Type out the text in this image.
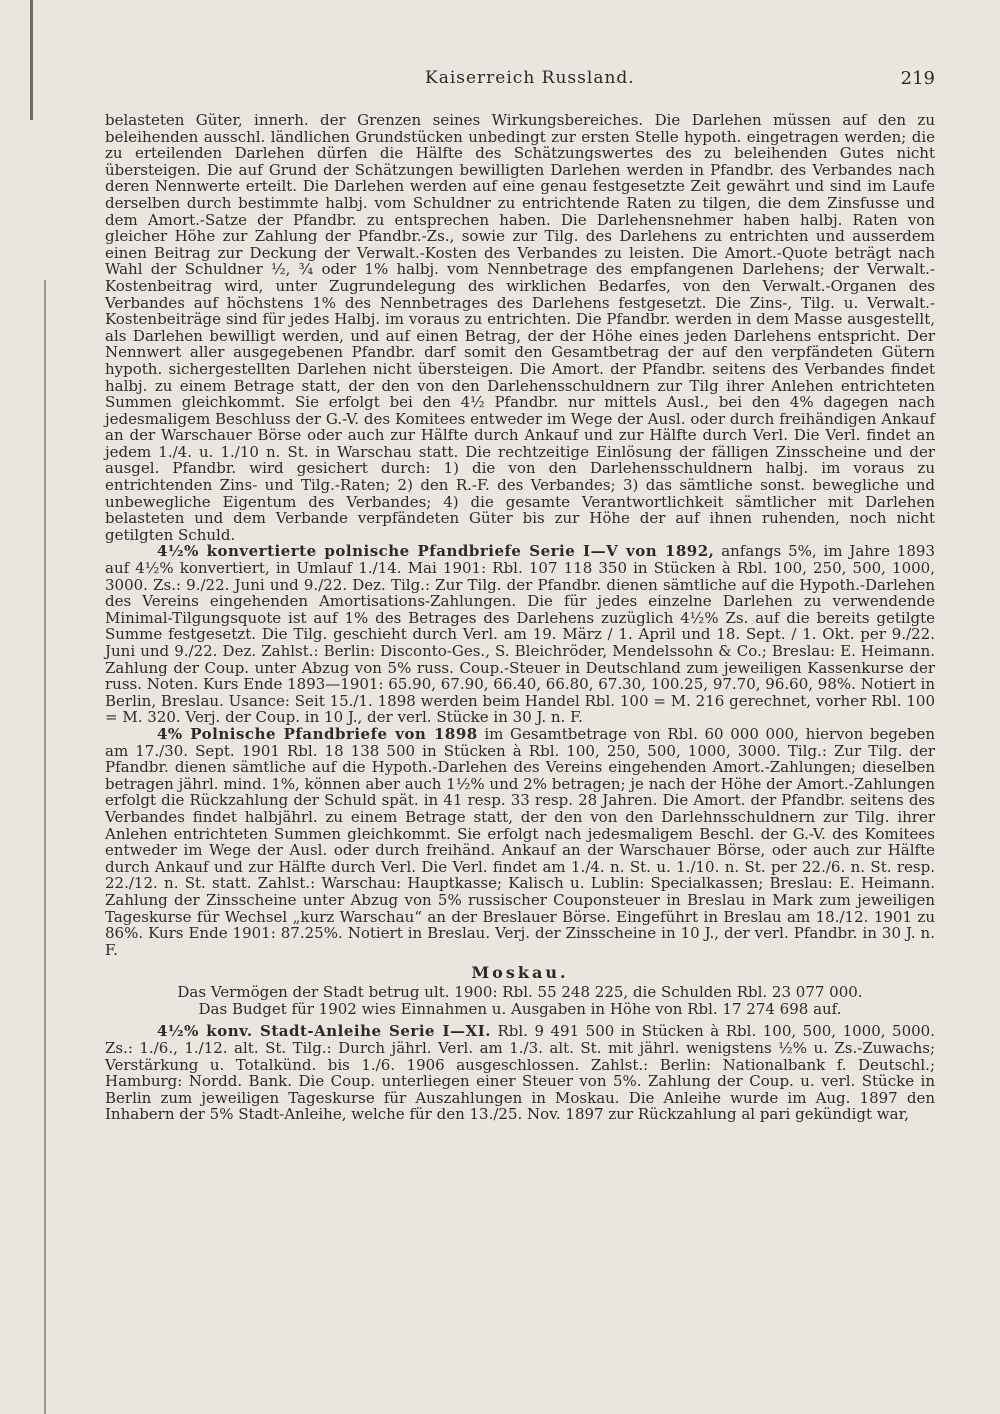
Kaiserreich Russland.	219

belasteten Güter, innerh. der Grenzen seines Wirkungsbereiches. Die Darlehen müssen auf den zu beleihenden ausschl. ländlichen Grundstücken unbedingt zur ersten Stelle hypoth. eingetragen werden; die zu erteilenden Darlehen dürfen die Hälfte des Schätzungswertes des zu beleihenden Gutes nicht übersteigen. Die auf Grund der Schätzungen bewilligten Darlehen werden in Pfandbr. des Verbandes nach deren Nennwerte erteilt. Die Darlehen werden auf eine genau festgesetzte Zeit gewährt und sind im Laufe derselben durch bestimmte halbj. vom Schuldner zu entrichtende Raten zu tilgen, die dem Zinsfusse und dem Amort.-Satze der Pfandbr. zu entsprechen haben. Die Darlehensnehmer haben halbj. Raten von gleicher Höhe zur Zahlung der Pfandbr.-Zs., sowie zur Tilg. des Darlehens zu entrichten und ausserdem einen Beitrag zur Deckung der Verwalt.-Kosten des Verbandes zu leisten. Die Amort.-Quote beträgt nach Wahl der Schuldner ½, ¾ oder 1% halbj. vom Nennbetrage des empfangenen Darlehens; der Verwalt.-Kostenbeitrag wird, unter Zugrundelegung des wirklichen Bedarfes, von den Verwalt.-Organen des Verbandes auf höchstens 1% des Nennbetrages des Darlehens festgesetzt. Die Zins-, Tilg. u. Verwalt.-Kostenbeiträge sind für jedes Halbj. im voraus zu entrichten. Die Pfandbr. werden in dem Masse ausgestellt, als Darlehen bewilligt werden, und auf einen Betrag, der der Höhe eines jeden Darlehens entspricht. Der Nennwert aller ausgegebenen Pfandbr. darf somit den Gesamtbetrag der auf den verpfändeten Gütern hypoth. sichergestellten Darlehen nicht übersteigen. Die Amort. der Pfandbr. seitens des Verbandes findet halbj. zu einem Betrage statt, der den von den Darlehensschuldnern zur Tilg ihrer Anlehen entrichteten Summen gleichkommt. Sie erfolgt bei den 4½ Pfandbr. nur mittels Ausl., bei den 4% dagegen nach jedesmaligem Beschluss der G.-V. des Komitees entweder im Wege der Ausl. oder durch freihändigen Ankauf an der Warschauer Börse oder auch zur Hälfte durch Ankauf und zur Hälfte durch Verl. Die Verl. findet an jedem 1./4. u. 1./10 n. St. in Warschau statt. Die rechtzeitige Einlösung der fälligen Zinsscheine und der ausgel. Pfandbr. wird gesichert durch: 1) die von den Darlehensschuldnern halbj. im voraus zu entrichtenden Zins- und Tilg.-Raten; 2) den R.-F. des Verbandes; 3) das sämtliche sonst. bewegliche und unbewegliche Eigentum des Verbandes; 4) die gesamte Verantwortlichkeit sämtlicher mit Darlehen belasteten und dem Verbande verpfändeten Güter bis zur Höhe der auf ihnen ruhenden, noch nicht getilgten Schuld.

4½% konvertierte polnische Pfandbriefe Serie I—V von 1892, anfangs 5%, im Jahre 1893 auf 4½% konvertiert, in Umlauf 1./14. Mai 1901: Rbl. 107 118 350 in Stücken à Rbl. 100, 250, 500, 1000, 3000. Zs.: 9./22. Juni und 9./22. Dez. Tilg.: Zur Tilg. der Pfandbr. dienen sämtliche auf die Hypoth.-Darlehen des Vereins eingehenden Amortisations-Zahlungen. Die für jedes einzelne Darlehen zu verwendende Minimal-Tilgungsquote ist auf 1% des Betrages des Darlehens zuzüglich 4½% Zs. auf die bereits getilgte Summe festgesetzt. Die Tilg. geschieht durch Verl. am 19. März / 1. April und 18. Sept. / 1. Okt. per 9./22. Juni und 9./22. Dez. Zahlst.: Berlin: Disconto-Ges., S. Bleichröder, Mendelssohn & Co.; Breslau: E. Heimann. Zahlung der Coup. unter Abzug von 5% russ. Coup.-Steuer in Deutschland zum jeweiligen Kassenkurse der russ. Noten. Kurs Ende 1893—1901: 65.90, 67.90, 66.40, 66.80, 67.30, 100.25, 97.70, 96.60, 98%. Notiert in Berlin, Breslau. Usance: Seit 15./1. 1898 werden beim Handel Rbl. 100 = M. 216 gerechnet, vorher Rbl. 100 = M. 320. Verj. der Coup. in 10 J., der verl. Stücke in 30 J. n. F.

4% Polnische Pfandbriefe von 1898 im Gesamtbetrage von Rbl. 60 000 000, hiervon begeben am 17./30. Sept. 1901 Rbl. 18 138 500 in Stücken à Rbl. 100, 250, 500, 1000, 3000. Tilg.: Zur Tilg. der Pfandbr. dienen sämtliche auf die Hypoth.-Darlehen des Vereins eingehenden Amort.-Zahlungen; dieselben betragen jährl. mind. 1%, können aber auch 1½% und 2% betragen; je nach der Höhe der Amort.-Zahlungen erfolgt die Rückzahlung der Schuld spät. in 41 resp. 33 resp. 28 Jahren. Die Amort. der Pfandbr. seitens des Verbandes findet halbjährl. zu einem Betrage statt, der den von den Darlehnsschuldnern zur Tilg. ihrer Anlehen entrichteten Summen gleichkommt. Sie erfolgt nach jedesmaligem Beschl. der G.-V. des Komitees entweder im Wege der Ausl. oder durch freihänd. Ankauf an der Warschauer Börse, oder auch zur Hälfte durch Ankauf und zur Hälfte durch Verl. Die Verl. findet am 1./4. n. St. u. 1./10. n. St. per 22./6. n. St. resp. 22./12. n. St. statt. Zahlst.: Warschau: Hauptkasse; Kalisch u. Lublin: Specialkassen; Breslau: E. Heimann. Zahlung der Zinsscheine unter Abzug von 5% russischer Couponsteuer in Breslau in Mark zum jeweiligen Tageskurse für Wechsel „kurz Warschau“ an der Breslauer Börse. Eingeführt in Breslau am 18./12. 1901 zu 86%. Kurs Ende 1901: 87.25%. Notiert in Breslau. Verj. der Zinsscheine in 10 J., der verl. Pfandbr. in 30 J. n. F.

Moskau.

Das Vermögen der Stadt betrug ult. 1900: Rbl. 55 248 225, die Schulden Rbl. 23 077 000.

Das Budget für 1902 wies Einnahmen u. Ausgaben in Höhe von Rbl. 17 274 698 auf.

4½% konv. Stadt-Anleihe Serie I—XI. Rbl. 9 491 500 in Stücken à Rbl. 100, 500, 1000, 5000. Zs.: 1./6., 1./12. alt. St. Tilg.: Durch jährl. Verl. am 1./3. alt. St. mit jährl. wenigstens ½% u. Zs.-Zuwachs; Verstärkung u. Totalkünd. bis 1./6. 1906 ausgeschlossen. Zahlst.: Berlin: Nationalbank f. Deutschl.; Hamburg: Nordd. Bank. Die Coup. unterliegen einer Steuer von 5%. Zahlung der Coup. u. verl. Stücke in Berlin zum jeweiligen Tageskurse für Auszahlungen in Moskau. Die Anleihe wurde im Aug. 1897 den Inhabern der 5% Stadt-Anleihe, welche für den 13./25. Nov. 1897 zur Rückzahlung al pari gekündigt war,
